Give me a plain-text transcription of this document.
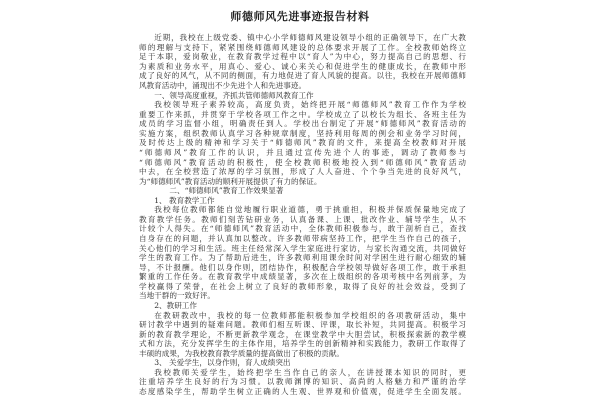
师德师风先进事迹报告材料
近期，我校在上级党委、镇中心小学师德师风建设领导小组的正确领导下，在广大教
师的理解与支持下，紧紧围绕师德师风建设的总体要求开展了工作。全校教师始终立
足于本职，爱岗敬业，在教育教学过程中以“育人”为中心，努力提高自己的思想、行
为素质和业务水平，用真心、爱心、诚心来关心和促进学生的健康成长，在教师中形
成了良好的风气，从不同的侧面，有力地促进了育人风貌的提高。以往，我校在开展师德师
风教育活动中，涌现出不少先进个人和先进事迹。
一、领导高度重视，齐抓共管师德师风教育工作
我校领导班子素养较高，高度负责，始终把开展“师德师风”教育工作作为学校
重要工作来抓，并贯穿于学校各项工作之中。学校成立了以校长为组长、各班主任为
成员的学习监督小组，明确责任到人。学校出台制定了开展“师德师风”教育活动的
实施方案，组织教师认真学习各种规章制度，坚持利用每周的例会和业务学习时间，
及时传达上级的精神和学习关于“师德师风”教育的文件，来提高全校教师对开展
“师德师风”教育工作的认识，并且通过宣传先进个人的事迹，调动了教师参与
“师德师风”教育活动的积极性，使全校教师积极地投入到“师德师风”教育活动
中去，在全校营造了浓厚的学习氛围，形成了人人奋进、个个争当先进的良好风气，
为“师德师风”教育活动的顺利开展提供了有力的保证。
二、“师德师风”教育工作效果显著
1、 教育教学工作
我校每位教师都能自觉地履行职业道德，勇于挑重担，积极并保质保量地完成了
教育教学任务。教师们刻苦钻研业务，认真备课、上课、批改作业、辅导学生，从不
计较个人得失。在“师德师风”教育活动中，全体教师积极参与，敢于剖析自己，查找
自身存在的问题，并认真加以整改。许多教师带病坚持工作，把学生当作自己的孩子，
关心他们的学习和生活。班主任经常深入学生家庭进行家访，与家长沟通交流，共同做好
学生的教育工作。为了帮助后进生，许多教师利用课余时间对学困生进行耐心细致的辅
导，不计报酬。他们以身作则，团结协作，积极配合学校领导做好各项工作，敢于承担
繁重的工作任务。在教育教学中成绩显著，多次在上级组织的各项考核中名列前茅，为
学校赢得了荣誉，在社会上树立了良好的教师形象，取得了良好的社会效益，受到了
当地干群的一致好评。
2、教研工作
在教研教改中，我校的每一位教师都能积极参加学校组织的各项教研活动，集中
研讨教学中遇到的疑难问题。教师们相互听课、评课，取长补短，共同提高。积极学习
新的教育教学理论，不断更新教学观念，在课堂教学中大胆尝试，积极探索新的教学模
式和方法，充分发挥学生的主体作用，培养学生的创新精神和实践能力，教研工作取得了
丰硕的成果，为我校教育教学质量的提高做出了积极的贡献。
3、 关爱学生，以身作则，育人成绩突出
我校教师关爱学生，始终把学生当作自己的亲人，在讲授课本知识的同时，更
注重培养学生良好的行为习惯。以教师渊博的知识、高尚的人格魅力和严谨的治学
态度感染学生，帮助学生树立正确的人生观、世界观和价值观，促进学生全面发展。
